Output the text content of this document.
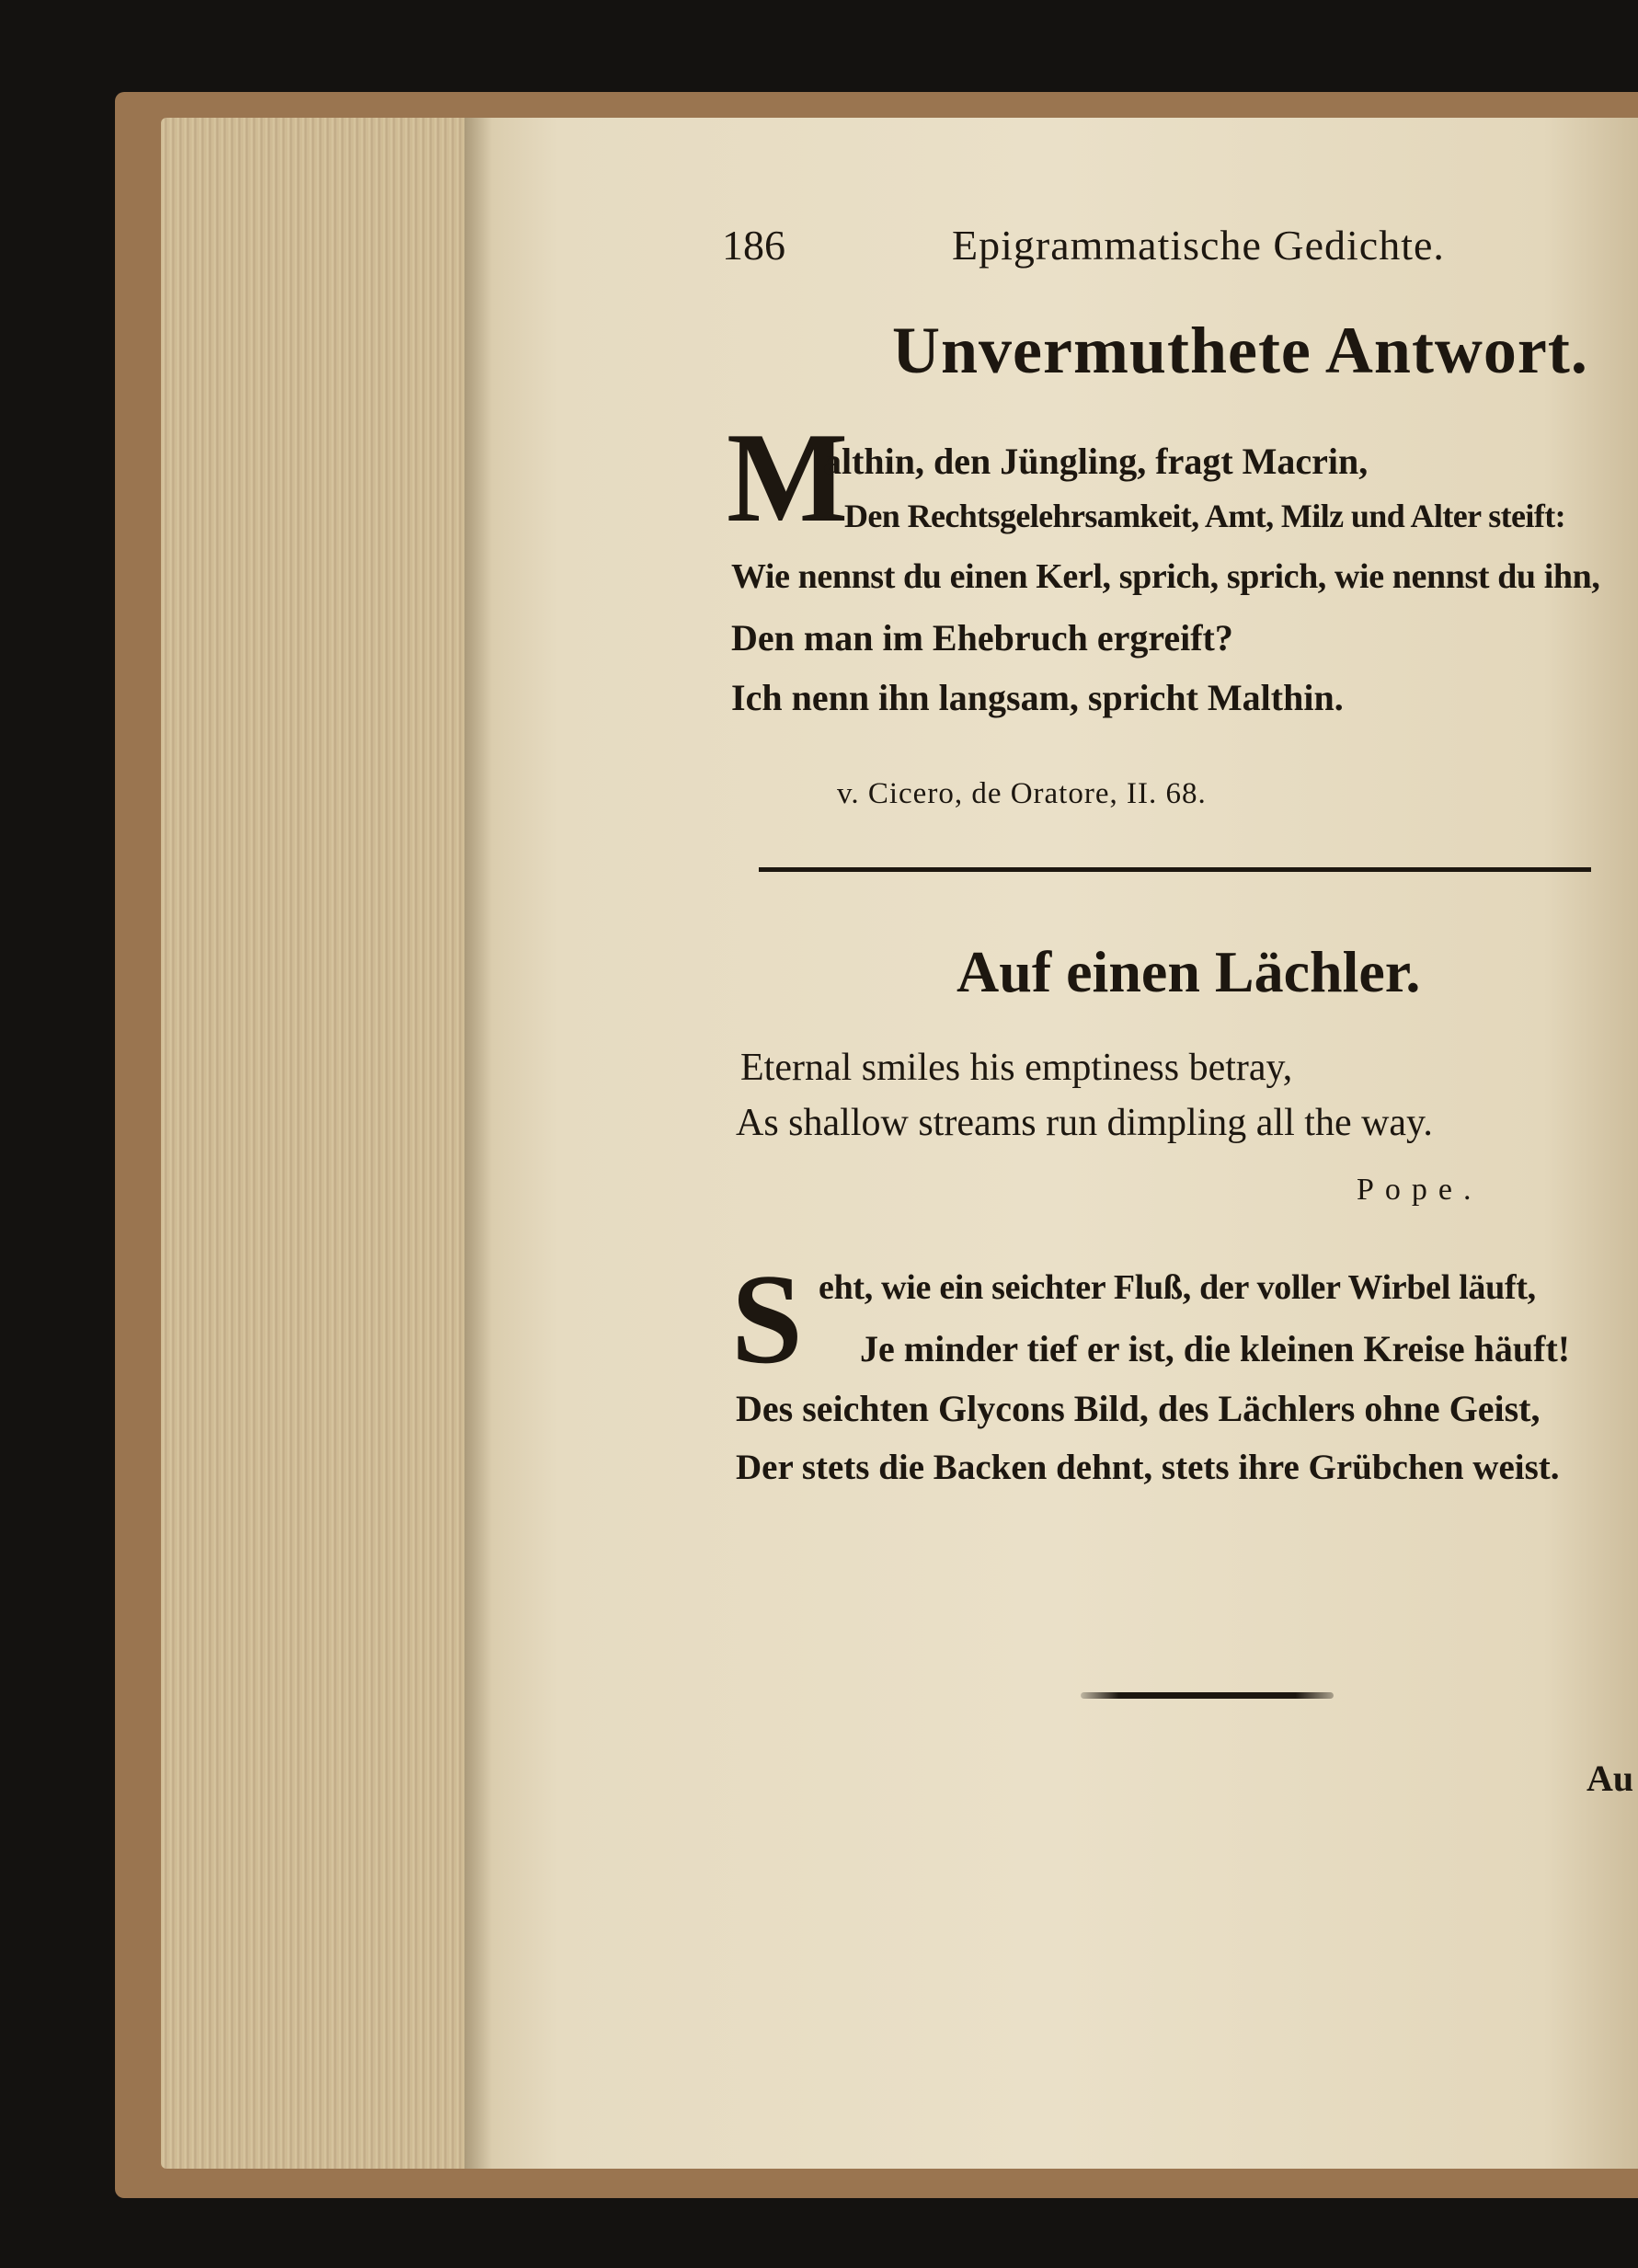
186	Epigrammatische Gedichte.
Unvermuthete Antwort.
M
althin, den Jüngling, fragt Macrin,
Den Rechtsgelehrsamkeit, Amt, Milz und Alter steift:
Wie nennst du einen Kerl, sprich, sprich, wie nennst du ihn,
Den man im Ehebruch ergreift?
Ich nenn ihn langsam, spricht Malthin.
v. Cicero, de Oratore, II. 68.
Auf einen Lächler.
Eternal smiles his emptiness betray,
As shallow streams run dimpling all the way.
Pope.
S eht, wie ein seichter Fluß, der voller Wirbel läuft,
Je minder tief er ist, die kleinen Kreise häuft!
Des seichten Glycons Bild, des Lächlers ohne Geist,
Der stets die Backen dehnt, stets ihre Grübchen weist.
Au
